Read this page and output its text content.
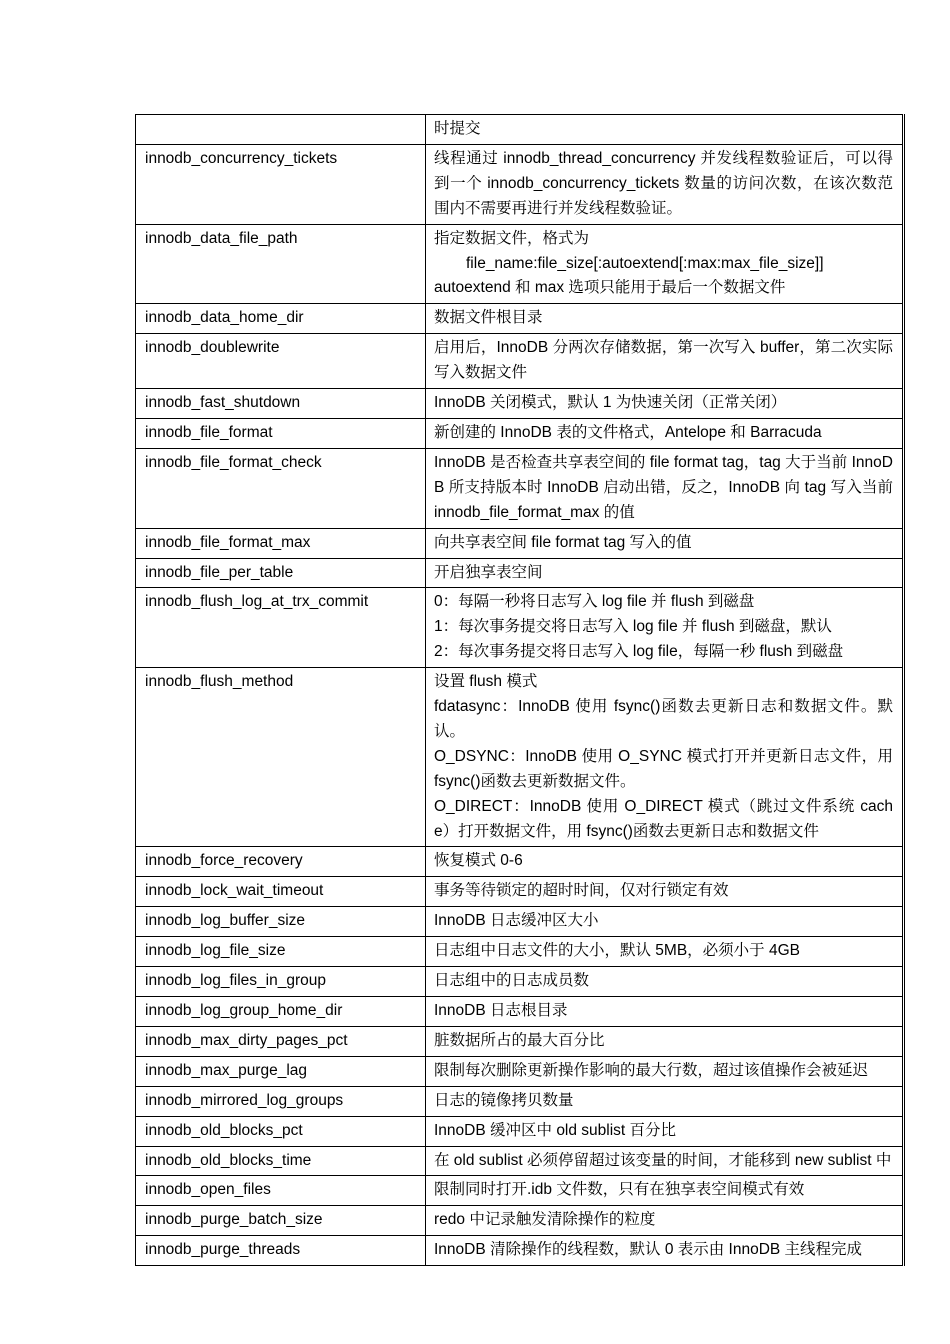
	时提交

innodb_concurrency_tickets	线程通过 innodb_thread_concurrency 并发线程数验证后，可以得到一个 innodb_concurrency_tickets 数量的访问次数，在该次数范围内不需要再进行并发线程数验证。

innodb_data_file_path	指定数据文件，格式为
file_name:file_size[:autoextend[:max:max_file_size]]
autoextend 和 max 选项只能用于最后一个数据文件

innodb_data_home_dir	数据文件根目录

innodb_doublewrite	启用后，InnoDB 分两次存储数据，第一次写入 buffer，第二次实际写入数据文件

innodb_fast_shutdown	InnoDB 关闭模式，默认 1 为快速关闭（正常关闭）

innodb_file_format	新创建的 InnoDB 表的文件格式，Antelope 和 Barracuda

innodb_file_format_check	InnoDB 是否检查共享表空间的 file format tag，tag 大于当前 InnoDB 所支持版本时 InnoDB 启动出错，反之，InnoDB 向 tag 写入当前 innodb_file_format_max 的值

innodb_file_format_max	向共享表空间 file format tag 写入的值

innodb_file_per_table	开启独享表空间

innodb_flush_log_at_trx_commit	0：每隔一秒将日志写入 log file 并 flush 到磁盘
1：每次事务提交将日志写入 log file 并 flush 到磁盘，默认
2：每次事务提交将日志写入 log file，每隔一秒 flush 到磁盘

innodb_flush_method	设置 flush 模式
fdatasync：InnoDB 使用 fsync()函数去更新日志和数据文件。默认。
O_DSYNC：InnoDB 使用 O_SYNC 模式打开并更新日志文件，用 fsync()函数去更新数据文件。
O_DIRECT：InnoDB 使用 O_DIRECT 模式（跳过文件系统 cache）打开数据文件，用 fsync()函数去更新日志和数据文件

innodb_force_recovery	恢复模式 0-6

innodb_lock_wait_timeout	事务等待锁定的超时时间，仅对行锁定有效

innodb_log_buffer_size	InnoDB 日志缓冲区大小

innodb_log_file_size	日志组中日志文件的大小，默认 5MB，必须小于 4GB

innodb_log_files_in_group	日志组中的日志成员数

innodb_log_group_home_dir	InnoDB 日志根目录

innodb_max_dirty_pages_pct	脏数据所占的最大百分比

innodb_max_purge_lag	限制每次删除更新操作影响的最大行数，超过该值操作会被延迟

innodb_mirrored_log_groups	日志的镜像拷贝数量

innodb_old_blocks_pct	InnoDB 缓冲区中 old sublist 百分比

innodb_old_blocks_time	在 old sublist 必须停留超过该变量的时间，才能移到 new sublist 中

innodb_open_files	限制同时打开.idb 文件数，只有在独享表空间模式有效

innodb_purge_batch_size	redo 中记录触发清除操作的粒度

innodb_purge_threads	InnoDB 清除操作的线程数，默认 0 表示由 InnoDB 主线程完成
